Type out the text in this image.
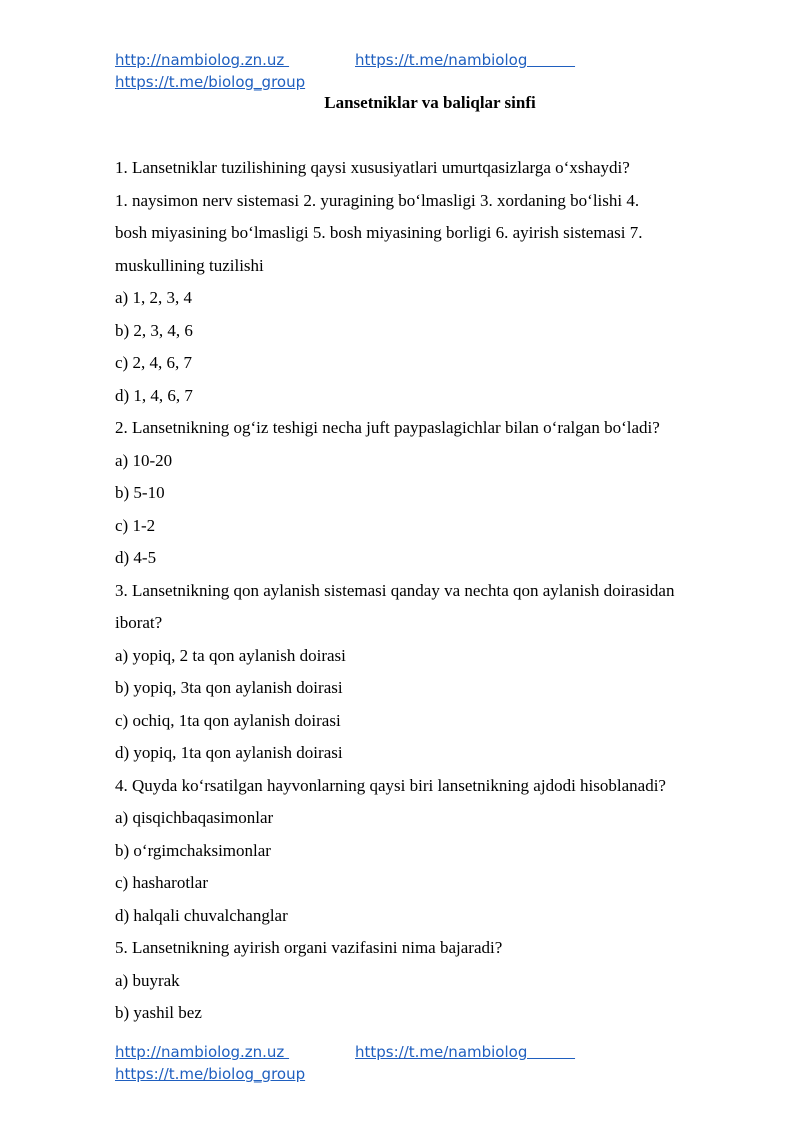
http://nambiolog.zn.uz	https://t.me/nambiolog
https://t.me/biolog_group
Lansetniklar va baliqlar sinfi
1. Lansetniklar tuzilishining qaysi xususiyatlari umurtqasizlarga o‘xshaydi?
1. naysimon nerv sistemasi 2. yuragining bo‘lmasligi 3. xordaning bo‘lishi 4.
bosh miyasining bo‘lmasligi 5. bosh miyasining borligi 6. ayirish sistemasi 7.
muskullining tuzilishi
a) 1, 2, 3, 4
b) 2, 3, 4, 6
c) 2, 4, 6, 7
d) 1, 4, 6, 7
2. Lansetnikning og‘iz teshigi necha juft paypaslagichlar bilan o‘ralgan bo‘ladi?
a) 10-20
b) 5-10
c) 1-2
d) 4-5
3. Lansetnikning qon aylanish sistemasi qanday va nechta qon aylanish doirasidan
iborat?
a) yopiq, 2 ta qon aylanish doirasi
b) yopiq, 3ta qon aylanish doirasi
c) ochiq, 1ta qon aylanish doirasi
d) yopiq, 1ta qon aylanish doirasi
4. Quyda ko‘rsatilgan hayvonlarning qaysi biri lansetnikning ajdodi hisoblanadi?
a) qisqichbaqasimonlar
b) o‘rgimchaksimonlar
c) hasharotlar
d) halqali chuvalchanglar
5. Lansetnikning ayirish organi vazifasini nima bajaradi?
a) buyrak
b) yashil bez
http://nambiolog.zn.uz	https://t.me/nambiolog
https://t.me/biolog_group
